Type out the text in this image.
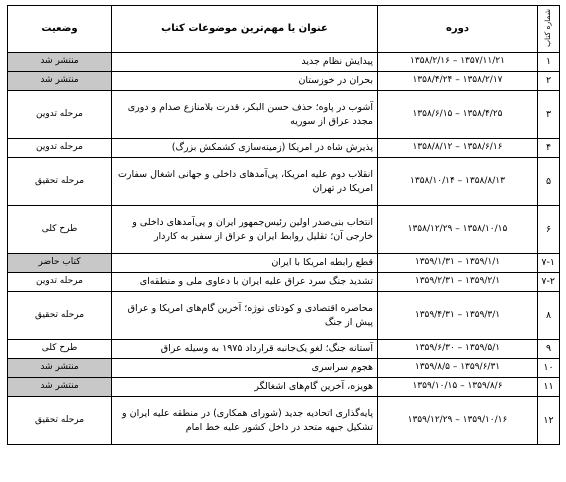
شماره کتاب	دوره	عنوان یا مهم‌ترین موضوعات کتاب	وضعیت
۱	۱۳۵۷/۱۱/۲۱ – ۱۳۵۸/۲/۱۶	پیدایش نظام جدید	منتشر شد
۲	۱۳۵۸/۲/۱۷ – ۱۳۵۸/۴/۲۴	بحران در خوزستان	منتشر شد
۳	۱۳۵۸/۴/۲۵ – ۱۳۵۸/۶/۱۵	آشوب در پاوه؛ حذف حسن البکر، قدرت بلامنازع صدام و دوری مجدد عراق از سوریه	مرحله تدوین
۴	۱۳۵۸/۶/۱۶ – ۱۳۵۸/۸/۱۲	پذیرش شاه در امریکا (زمینه‌سازی کشمکش بزرگ)	مرحله تدوین
۵	۱۳۵۸/۸/۱۳ – ۱۳۵۸/۱۰/۱۴	انقلاب دوم علیه امریکا، پی‌آمدهای داخلی و جهانی اشغال سفارت امریکا در تهران	مرحله تحقیق
۶	۱۳۵۸/۱۰/۱۵ – ۱۳۵۸/۱۲/۲۹	انتخاب بنی‌صدر اولین رئیس‌جمهور ایران و پی‌آمدهای داخلی و خارجی آن؛ تقلیل روابط ایران و عراق از سفیر به کاردار	طرح کلی
۷-۱	۱۳۵۹/۱/۱ – ۱۳۵۹/۱/۳۱	قطع رابطه امریکا با ایران	کتاب حاضر
۷-۲	۱۳۵۹/۲/۱ – ۱۳۵۹/۲/۳۱	تشدید جنگ سرد عراق علیه ایران با دعاوی ملی و منطقه‌ای	مرحله تدوین
۸	۱۳۵۹/۳/۱ – ۱۳۵۹/۴/۳۱	محاصره اقتصادی و کودتای نوژه؛ آخرین گام‌های امریکا و عراق پیش از جنگ	مرحله تحقیق
۹	۱۳۵۹/۵/۱ – ۱۳۵۹/۶/۳۰	آستانه جنگ؛ لغو یک‌جانبه قرارداد ۱۹۷۵ به وسیله عراق	طرح کلی
۱۰	۱۳۵۹/۶/۳۱ – ۱۳۵۹/۸/۵	هجوم سراسری	منتشر شد
۱۱	۱۳۵۹/۸/۶ – ۱۳۵۹/۱۰/۱۵	هویزه، آخرین گام‌های اشغالگر	منتشر شد
۱۲	۱۳۵۹/۱۰/۱۶ – ۱۳۵۹/۱۲/۲۹	پایه‌گذاری اتحادیه جدید (شورای همکاری) در منطقه علیه ایران و تشکیل جبهه متحد در داخل کشور علیه خط امام	مرحله تحقیق
